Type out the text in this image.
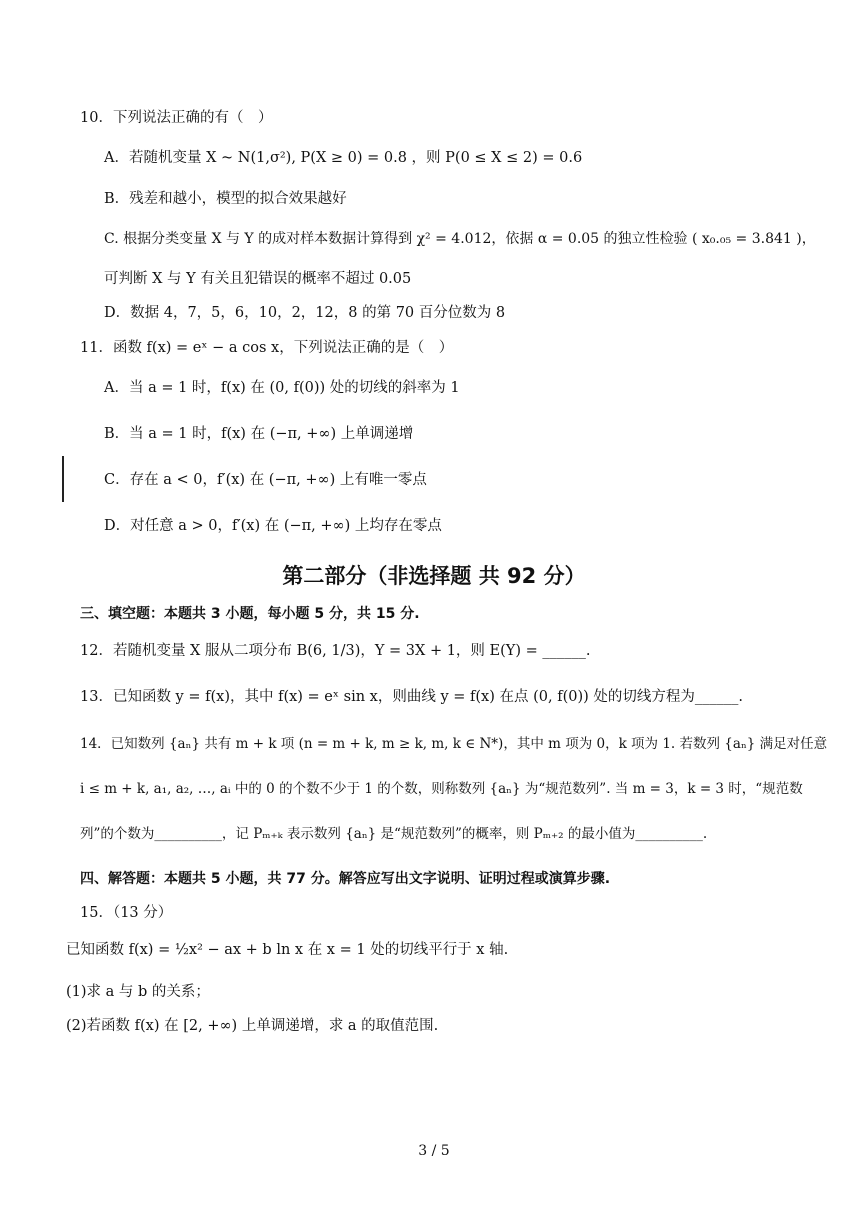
10．下列说法正确的有（　）
A．若随机变量 X ~ N(1,σ²), P(X ≥ 0) = 0.8 ，则 P(0 ≤ X ≤ 2) = 0.6
B．残差和越小，模型的拟合效果越好
C. 根据分类变量 X 与 Y 的成对样本数据计算得到 χ² = 4.012，依据 α = 0.05 的独立性检验 ( x₀.₀₅ = 3.841 )，
可判断 X 与 Y 有关且犯错误的概率不超过 0.05
D．数据 4，7，5，6，10，2，12，8 的第 70 百分位数为 8
11．函数 f(x) = eˣ − a cos x，下列说法正确的是（　）
A．当 a = 1 时，f(x) 在 (0, f(0)) 处的切线的斜率为 1
B．当 a = 1 时，f(x) 在 (−π, +∞) 上单调递增
C．存在 a < 0，f′(x) 在 (−π, +∞) 上有唯一零点
D．对任意 a > 0，f′(x) 在 (−π, +∞) 上均存在零点
第二部分（非选择题 共 92 分）
三、填空题：本题共 3 小题，每小题 5 分，共 15 分.
12．若随机变量 X 服从二项分布 B(6, 1/3)，Y = 3X + 1，则 E(Y) = ______.
13．已知函数 y = f(x)，其中 f(x) = eˣ sin x，则曲线 y = f(x) 在点 (0, f(0)) 处的切线方程为______.
14．已知数列 {aₙ} 共有 m + k 项 (n = m + k, m ≥ k, m, k ∈ N*)，其中 m 项为 0，k 项为 1. 若数列 {aₙ} 满足对任意
i ≤ m + k, a₁, a₂, …, aᵢ 中的 0 的个数不少于 1 的个数，则称数列 {aₙ} 为“规范数列”. 当 m = 3，k = 3 时，“规范数
列”的个数为__________，记 Pₘ₊ₖ 表示数列 {aₙ} 是“规范数列”的概率，则 Pₘ₊₂ 的最小值为__________.
四、解答题：本题共 5 小题，共 77 分。解答应写出文字说明、证明过程或演算步骤.
15．（13 分）
已知函数 f(x) = ½x² − ax + b ln x 在 x = 1 处的切线平行于 x 轴.
(1)求 a 与 b 的关系；
(2)若函数 f(x) 在 [2, +∞) 上单调递增，求 a 的取值范围.
3 / 5
